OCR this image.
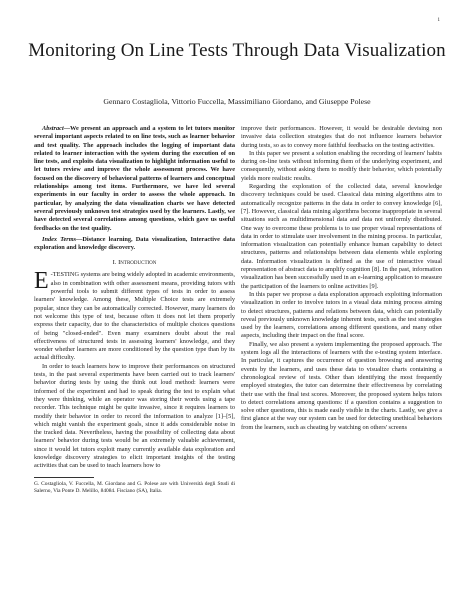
1
Monitoring On Line Tests Through Data Visualization
Gennaro Costagliola, Vittorio Fuccella, Massimiliano Giordano, and Giuseppe Polese

Abstract—We present an approach and a system to let tutors monitor several important aspects related to on line tests, such as learner behavior and test quality. The approach includes the logging of important data related to learner interaction with the system during the execution of on line tests, and exploits data visualization to highlight information useful to let tutors review and improve the whole assessment process. We have focused on the discovery of behavioral patterns of learners and conceptual relationships among test items. Furthermore, we have led several experiments in our faculty in order to assess the whole approach. In particular, by analyzing the data visualization charts we have detected several previously unknown test strategies used by the learners. Lastly, we have detected several correlations among questions, which gave us useful feedbacks on the test quality.

Index Terms—Distance learning, Data visualization, Interactive data exploration and knowledge discovery.

I. Introduction

E -TESTING systems are being widely adopted in academic environments, also in combination with other assessment means, providing tutors with powerful tools to submit different types of tests in order to assess learners' knowledge. Among these, Multiple Choice tests are extremely popular, since they can be automatically corrected. However, many learners do not welcome this type of test, because often it does not let them properly express their capacity, due to the characteristics of multiple choices questions of being "closed-ended". Even many examiners doubt about the real effectiveness of structured tests in assessing learners' knowledge, and they wonder whether learners are more conditioned by the question type than by its actual difficulty.

In order to teach learners how to improve their performances on structured tests, in the past several experiments have been carried out to track learners' behavior during tests by using the think out loud method: learners were informed of the experiment and had to speak during the test to explain what they were thinking, while an operator was storing their words using a tape recorder. This technique might be quite invasive, since it requires learners to modify their behavior in order to record the information to analyze [1]–[5], which might vanish the experiment goals, since it adds considerable noise in the tracked data. Nevertheless, having the possibility of collecting data about learners' behavior during tests would be an extremely valuable achievement, since it would let tutors exploit many currently available data exploration and knowledge discovery strategies to elicit important insights of the testing activities that can be used to teach learners how to

G. Costagliola, V. Fuccella, M. Giordano and G. Polese are with Università degli Studi di Salerno, Via Ponte D. Melillo, 84084. Fisciano (SA), Italia.

improve their performances. However, it would be desirable devising non invasive data collection strategies that do not influence learners behavior during tests, so as to convey more faithful feedbacks on the testing activities.

In this paper we present a solution enabling the recording of learners' habits during on-line tests without informing them of the underlying experiment, and consequently, without asking them to modify their behavior, which potentially yields more realistic results.

Regarding the exploration of the collected data, several knowledge discovery techniques could be used. Classical data mining algorithms aim to automatically recognize patterns in the data in order to convey knowledge [6], [7]. However, classical data mining algorithms become inappropriate in several situations such as multidimensional data and data not uniformly distributed. One way to overcome these problems is to use proper visual representations of data in order to stimulate user involvement in the mining process. In particular, information visualization can potentially enhance human capability to detect structures, patterns and relationships between data elements while exploring data. Information visualization is defined as the use of interactive visual representation of abstract data to amplify cognition [8]. In the past, information visualization has been successfully used in an e-learning application to measure the participation of the learners to online activities [9].

In this paper we propose a data exploration approach exploiting information visualization in order to involve tutors in a visual data mining process aiming to detect structures, patterns and relations between data, which can potentially reveal previously unknown knowledge inherent tests, such as the test strategies used by the learners, correlations among different questions, and many other aspects, including their impact on the final score.

Finally, we also present a system implementing the proposed approach. The system logs all the interactions of learners with the e-testing system interface. In particular, it captures the occurrence of question browsing and answering events by the learners, and uses these data to visualize charts containing a chronological review of tests. Other than identifying the most frequently employed strategies, the tutor can determine their effectiveness by correlating their use with the final test scores. Moreover, the proposed system helps tutors to detect correlations among questions: if a question contains a suggestion to solve other questions, this is made easily visible in the charts. Lastly, we give a first glance at the way our system can be used for detecting unethical behaviors from the learners, such as cheating by watching on others' screens
